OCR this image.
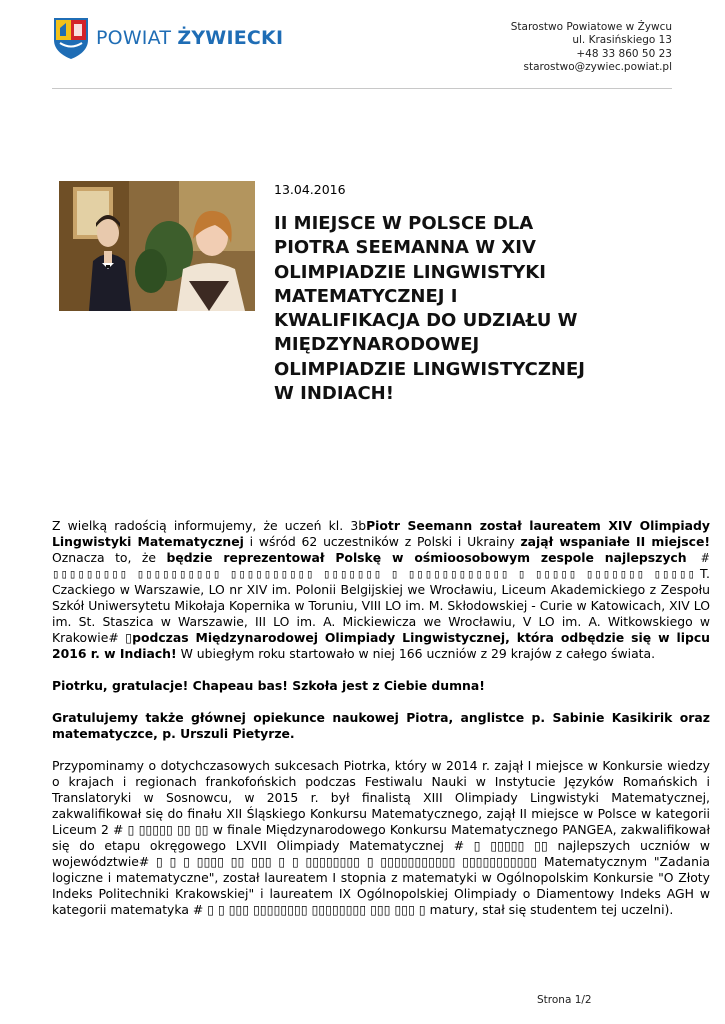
POWIAT ŻYWIECKI	Starostwo Powiatowe w Żywcu
ul. Krasińskiego 13
+48 33 860 50 23
starostwo@zywiec.powiat.pl
13.04.2016
II MIEJSCE W POLSCE DLA PIOTRA SEEMANNA W XIV OLIMPIADZIE LINGWISTYKI MATEMATYCZNEJ I KWALIFIKACJA DO UDZIAŁU W MIĘDZYNARODOWEJ OLIMPIADZIE LINGWISTYCZNEJ W INDIACH!

Z wielką radością informujemy, że uczeń kl. 3bPiotr Seemann został laureatem XIV Olimpiady Lingwistyki Matematycznej i wśród 62 uczestników z Polski i Ukrainy zajął wspaniałe II miejsce! Oznacza to, że będzie reprezentował Polskę w ośmioosobowym zespole najlepszych # ▯▯▯▯▯▯▯▯▯ ▯▯▯▯▯▯▯▯▯▯ ▯▯▯▯▯▯▯▯▯▯ ▯▯▯▯▯▯▯ ▯ ▯▯▯▯▯▯▯▯▯▯▯▯ ▯ ▯▯▯▯▯ ▯▯▯▯▯▯▯ ▯▯▯▯▯ T. Czackiego w Warszawie, LO nr XIV im. Polonii Belgijskiej we Wrocławiu, Liceum Akademickiego z Zespołu Szkół Uniwersytetu Mikołaja Kopernika w Toruniu, VIII LO im. M. Skłodowskiej - Curie w Katowicach, XIV LO im. St. Staszica w Warszawie, III LO im. A. Mickiewicza we Wrocławiu, V LO im. A. Witkowskiego w Krakowie# ▯podczas Międzynarodowej Olimpiady Lingwistycznej, która odbędzie się w lipcu 2016 r. w Indiach! W ubiegłym roku startowało w niej 166 uczniów z 29 krajów z całego świata.

Piotrku, gratulacje! Chapeau bas! Szkoła jest z Ciebie dumna!

Gratulujemy także głównej opiekunce naukowej Piotra, anglistce p. Sabinie Kasikirik oraz matematyczce, p. Urszuli Pietyrze.

Przypominamy o dotychczasowych sukcesach Piotrka, który w 2014 r. zajął I miejsce w Konkursie wiedzy o krajach i regionach frankofońskich podczas Festiwalu Nauki w Instytucie Języków Romańskich i Translatoryki w Sosnowcu, w 2015 r. był finalistą XIII Olimpiady Lingwistyki Matematycznej, zakwalifikował się do finału XII Śląskiego Konkursu Matematycznego, zajął II miejsce w Polsce w kategorii Liceum 2 # ▯ ▯▯▯▯▯ ▯▯ ▯▯ w finale Międzynarodowego Konkursu Matematycznego PANGEA, zakwalifikował się do etapu okręgowego LXVII Olimpiady Matematycznej # ▯ ▯▯▯▯▯ ▯▯ najlepszych uczniów w województwie# ▯ ▯ ▯ ▯▯▯▯ ▯▯ ▯▯▯ ▯ ▯ ▯▯▯▯▯▯▯▯ ▯ ▯▯▯▯▯▯▯▯▯▯▯ ▯▯▯▯▯▯▯▯▯▯▯ Matematycznym "Zadania logiczne i matematyczne", został laureatem I stopnia z matematyki w Ogólnopolskim Konkursie "O Złoty Indeks Politechniki Krakowskiej" i laureatem IX Ogólnopolskiej Olimpiady o Diamentowy Indeks AGH w kategorii matematyka # ▯ ▯ ▯▯▯ ▯▯▯▯▯▯▯▯ ▯▯▯▯▯▯▯▯ ▯▯▯ ▯▯▯ ▯ matury, stał się studentem tej uczelni).

Strona 1/2
